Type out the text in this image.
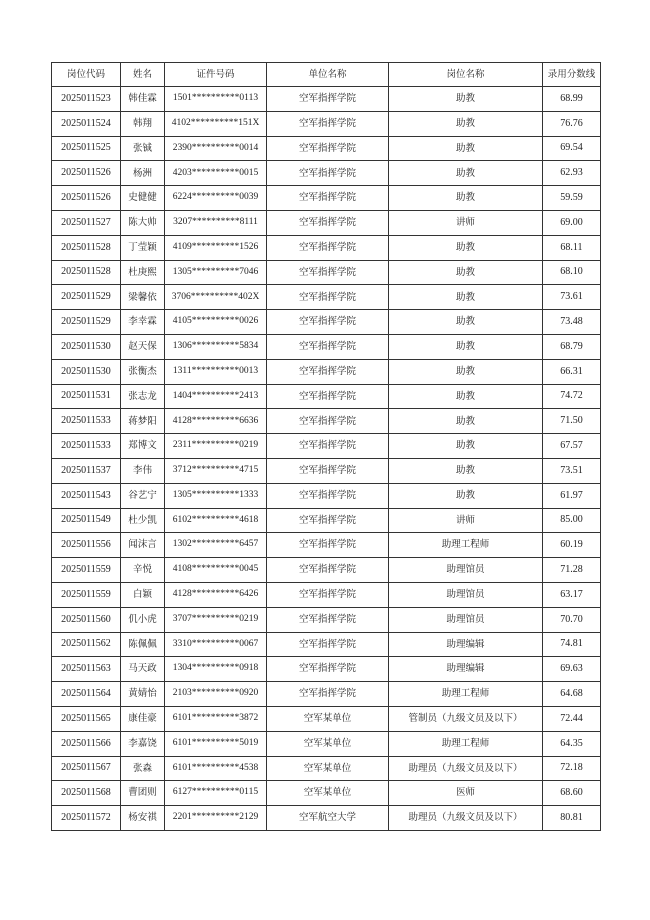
岗位代码	姓名	证件号码	单位名称	岗位名称	录用分数线
2025011523	韩佳霖	1501**********0113	空军指挥学院	助教	68.99
2025011524	韩翔	4102**********151X	空军指挥学院	助教	76.76
2025011525	张铖	2390**********0014	空军指挥学院	助教	69.54
2025011526	杨洲	4203**********0015	空军指挥学院	助教	62.93
2025011526	史健健	6224**********0039	空军指挥学院	助教	59.59
2025011527	陈大帅	3207**********8111	空军指挥学院	讲师	69.00
2025011528	丁莹颖	4109**********1526	空军指挥学院	助教	68.11
2025011528	杜庚熙	1305**********7046	空军指挥学院	助教	68.10
2025011529	梁馨依	3706**********402X	空军指挥学院	助教	73.61
2025011529	李幸霖	4105**********0026	空军指挥学院	助教	73.48
2025011530	赵天保	1306**********5834	空军指挥学院	助教	68.79
2025011530	张衡杰	1311**********0013	空军指挥学院	助教	66.31
2025011531	张志龙	1404**********2413	空军指挥学院	助教	74.72
2025011533	蒋梦阳	4128**********6636	空军指挥学院	助教	71.50
2025011533	郑博文	2311**********0219	空军指挥学院	助教	67.57
2025011537	李伟	3712**********4715	空军指挥学院	助教	73.51
2025011543	谷艺宁	1305**********1333	空军指挥学院	助教	61.97
2025011549	杜少凯	6102**********4618	空军指挥学院	讲师	85.00
2025011556	闻沫言	1302**********6457	空军指挥学院	助理工程师	60.19
2025011559	辛悦	4108**********0045	空军指挥学院	助理馆员	71.28
2025011559	白颖	4128**********6426	空军指挥学院	助理馆员	63.17
2025011560	仉小虎	3707**********0219	空军指挥学院	助理馆员	70.70
2025011562	陈佩佩	3310**********0067	空军指挥学院	助理编辑	74.81
2025011563	马天政	1304**********0918	空军指挥学院	助理编辑	69.63
2025011564	黄婧怡	2103**********0920	空军指挥学院	助理工程师	64.68
2025011565	康佳豪	6101**********3872	空军某单位	管制员（九级文员及以下）	72.44
2025011566	李嘉饶	6101**********5019	空军某单位	助理工程师	64.35
2025011567	张森	6101**********4538	空军某单位	助理员（九级文员及以下）	72.18
2025011568	曹团则	6127**********0115	空军某单位	医师	68.60
2025011572	杨安祺	2201**********2129	空军航空大学	助理员（九级文员及以下）	80.81
